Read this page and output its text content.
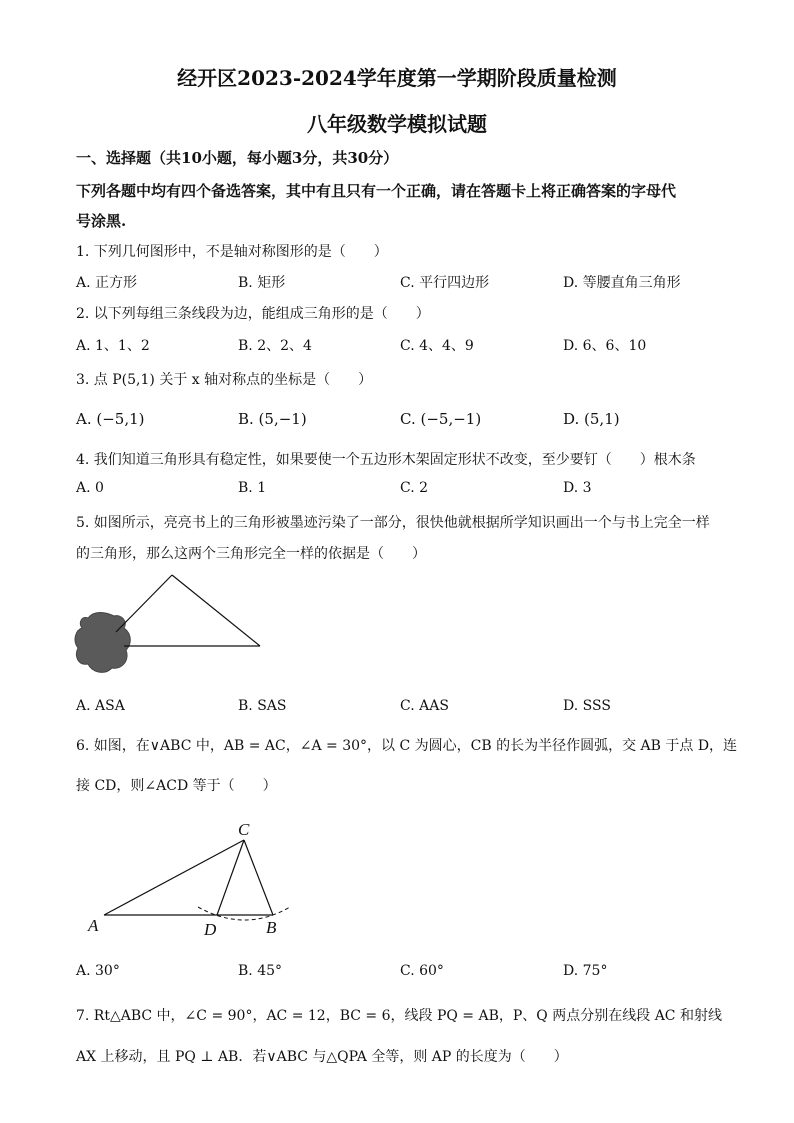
经开区2023-2024学年度第一学期阶段质量检测
八年级数学模拟试题
一、选择题（共10小题，每小题3分，共30分）
下列各题中均有四个备选答案，其中有且只有一个正确，请在答题卡上将正确答案的字母代
号涂黑.
1. 下列几何图形中，不是轴对称图形的是（　　）
A. 正方形	B. 矩形	C. 平行四边形	D. 等腰直角三角形
2. 以下列每组三条线段为边，能组成三角形的是（　　）
A. 1、1、2	B. 2、2、4	C. 4、4、9	D. 6、6、10
3. 点 P(5,1) 关于 x 轴对称点的坐标是（　　）
A. (−5,1)	B. (5,−1)	C. (−5,−1)	D. (5,1)
4. 我们知道三角形具有稳定性，如果要使一个五边形木架固定形状不改变，至少要钉（　　）根木条
A. 0	B. 1	C. 2	D. 3
5. 如图所示，亮亮书上的三角形被墨迹污染了一部分，很快他就根据所学知识画出一个与书上完全一样
的三角形，那么这两个三角形完全一样的依据是（　　）
A. ASA	B. SAS	C. AAS	D. SSS
6. 如图，在∨ABC 中，AB = AC，∠A = 30°，以 C 为圆心，CB 的长为半径作圆弧，交 AB 于点 D，连
接 CD，则∠ACD 等于（　　）
C
A	D	B
A. 30°	B. 45°	C. 60°	D. 75°
7. Rt△ABC 中，∠C = 90°，AC = 12，BC = 6，线段 PQ = AB，P、Q 两点分别在线段 AC 和射线
AX 上移动，且 PQ ⊥ AB．若∨ABC 与△QPA 全等，则 AP 的长度为（　　）
